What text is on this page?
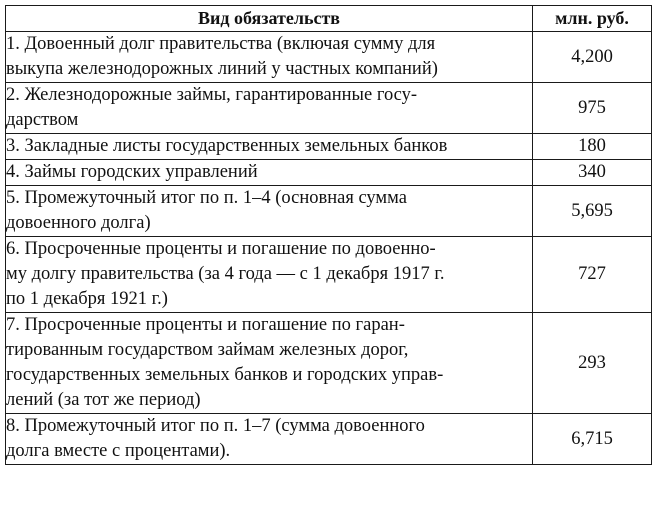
Вид обязательств	млн. руб.

1. Довоенный долг правительства (включая сумму для
выкупа железнодорожных линий у частных компаний)	4,200

2. Железнодорожные займы, гарантированные госу-
дарством	975

3. Закладные листы государственных земельных банков	180

4. Займы городских управлений	340

5. Промежуточный итог по п. 1–4 (основная сумма
довоенного долга)	5,695

6. Просроченные проценты и погашение по довоенно-
му долгу правительства (за 4 года — с 1 декабря 1917 г.
по 1 декабря 1921 г.)	727

7. Просроченные проценты и погашение по гаран-
тированным государством займам железных дорог,
государственных земельных банков и городских управ-
лений (за тот же период)	293

8. Промежуточный итог по п. 1–7 (сумма довоенного
долга вместе с процентами).	6,715
